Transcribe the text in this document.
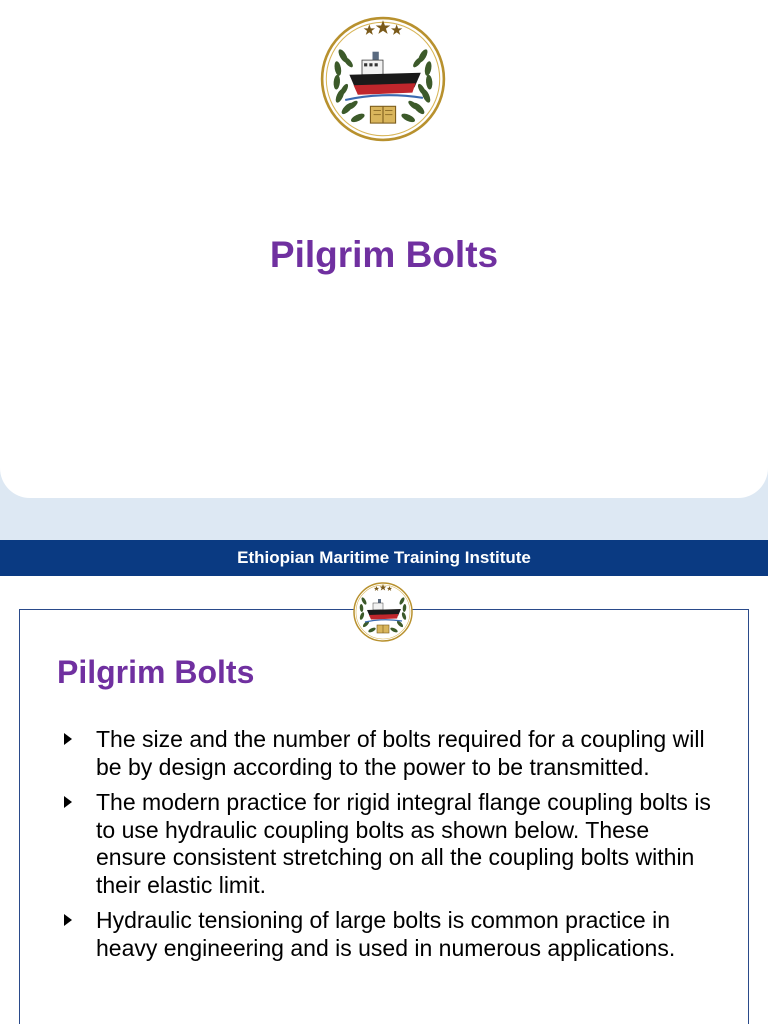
Ethiopian Maritime Training Institute
Pilgrim Bolts
Pilgrim Bolts
The size and the number of bolts required for a coupling will be by design according to the power to be transmitted.
The modern practice for rigid integral flange coupling bolts is to use hydraulic coupling bolts as shown below. These ensure consistent stretching on all the coupling bolts within their elastic limit.
Hydraulic tensioning of large bolts is common practice in heavy engineering and is used in numerous applications.
